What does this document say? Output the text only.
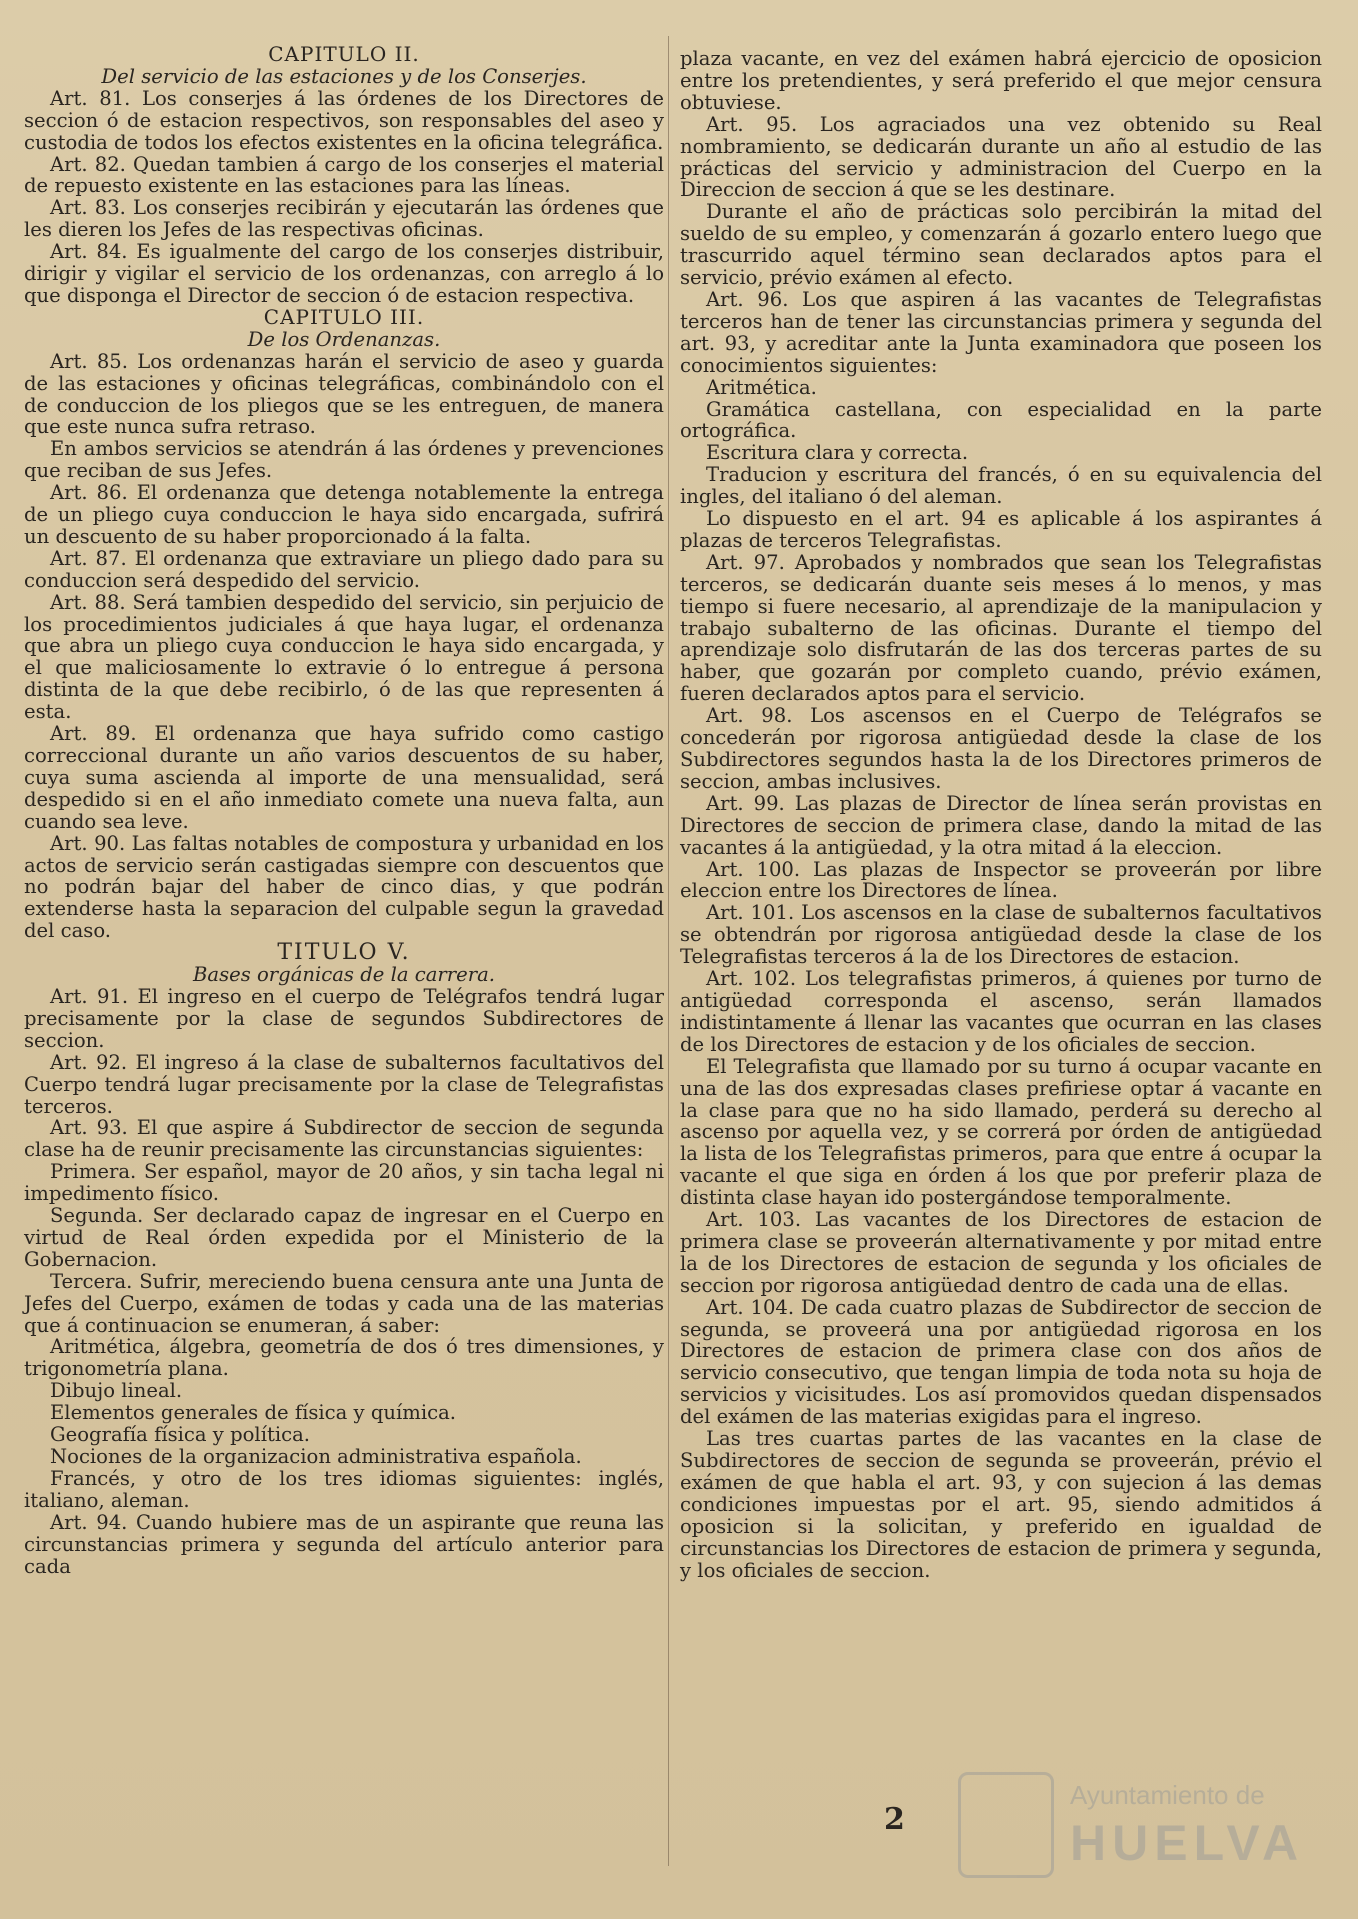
CAPITULO II.

Del servicio de las estaciones y de los Conserjes.

Art. 81. Los conserjes á las órdenes de los Directores de seccion ó de estacion respectivos, son responsables del aseo y custodia de todos los efectos existentes en la oficina telegráfica.

Art. 82. Quedan tambien á cargo de los conserjes el material de repuesto existente en las estaciones para las líneas.

Art. 83. Los conserjes recibirán y ejecutarán las órdenes que les dieren los Jefes de las respectivas oficinas.

Art. 84. Es igualmente del cargo de los conserjes distribuir, dirigir y vigilar el servicio de los ordenanzas, con arreglo á lo que disponga el Director de seccion ó de estacion respectiva.

CAPITULO III.

De los Ordenanzas.

Art. 85. Los ordenanzas harán el servicio de aseo y guarda de las estaciones y oficinas telegráficas, combinándolo con el de conduccion de los pliegos que se les entreguen, de manera que este nunca sufra retraso.

En ambos servicios se atendrán á las órdenes y prevenciones que reciban de sus Jefes.

Art. 86. El ordenanza que detenga notablemente la entrega de un pliego cuya conduccion le haya sido encargada, sufrirá un descuento de su haber proporcionado á la falta.

Art. 87. El ordenanza que extraviare un pliego dado para su conduccion será despedido del servicio.

Art. 88. Será tambien despedido del servicio, sin perjuicio de los procedimientos judiciales á que haya lugar, el ordenanza que abra un pliego cuya conduccion le haya sido encargada, y el que maliciosamente lo extravie ó lo entregue á persona distinta de la que debe recibirlo, ó de las que representen á esta.

Art. 89. El ordenanza que haya sufrido como castigo correccional durante un año varios descuentos de su haber, cuya suma ascienda al importe de una mensualidad, será despedido si en el año inmediato comete una nueva falta, aun cuando sea leve.

Art. 90. Las faltas notables de compostura y urbanidad en los actos de servicio serán castigadas siempre con descuentos que no podrán bajar del haber de cinco dias, y que podrán extenderse hasta la separacion del culpable segun la gravedad del caso.

TITULO V.

Bases orgánicas de la carrera.

Art. 91. El ingreso en el cuerpo de Telégrafos tendrá lugar precisamente por la clase de segundos Subdirectores de seccion.

Art. 92. El ingreso á la clase de subalternos facultativos del Cuerpo tendrá lugar precisamente por la clase de Telegrafistas terceros.

Art. 93. El que aspire á Subdirector de seccion de segunda clase ha de reunir precisamente las circunstancias siguientes:

Primera. Ser español, mayor de 20 años, y sin tacha legal ni impedimento físico.

Segunda. Ser declarado capaz de ingresar en el Cuerpo en virtud de Real órden expedida por el Ministerio de la Gobernacion.

Tercera. Sufrir, mereciendo buena censura ante una Junta de Jefes del Cuerpo, exámen de todas y cada una de las materias que á continuacion se enumeran, á saber:

Aritmética, álgebra, geometría de dos ó tres dimensiones, y trigonometría plana.

Dibujo lineal.

Elementos generales de física y química.

Geografía física y política.

Nociones de la organizacion administrativa española.

Francés, y otro de los tres idiomas siguientes: inglés, italiano, aleman.

Art. 94. Cuando hubiere mas de un aspirante que reuna las circunstancias primera y segunda del artículo anterior para cada

plaza vacante, en vez del exámen habrá ejercicio de oposicion entre los pretendientes, y será preferido el que mejor censura obtuviese.

Art. 95. Los agraciados una vez obtenido su Real nombramiento, se dedicarán durante un año al estudio de las prácticas del servicio y administracion del Cuerpo en la Direccion de seccion á que se les destinare.

Durante el año de prácticas solo percibirán la mitad del sueldo de su empleo, y comenzarán á gozarlo entero luego que trascurrido aquel término sean declarados aptos para el servicio, prévio exámen al efecto.

Art. 96. Los que aspiren á las vacantes de Telegrafistas terceros han de tener las circunstancias primera y segunda del art. 93, y acreditar ante la Junta examinadora que poseen los conocimientos siguientes:

Aritmética.

Gramática castellana, con especialidad en la parte ortográfica.

Escritura clara y correcta.

Traducion y escritura del francés, ó en su equivalencia del ingles, del italiano ó del aleman.

Lo dispuesto en el art. 94 es aplicable á los aspirantes á plazas de terceros Telegrafistas.

Art. 97. Aprobados y nombrados que sean los Telegrafistas terceros, se dedicarán duante seis meses á lo menos, y mas tiempo si fuere necesario, al aprendizaje de la manipulacion y trabajo subalterno de las oficinas. Durante el tiempo del aprendizaje solo disfrutarán de las dos terceras partes de su haber, que gozarán por completo cuando, prévio exámen, fueren declarados aptos para el servicio.

Art. 98. Los ascensos en el Cuerpo de Telégrafos se concederán por rigorosa antigüedad desde la clase de los Subdirectores segundos hasta la de los Directores primeros de seccion, ambas inclusives.

Art. 99. Las plazas de Director de línea serán provistas en Directores de seccion de primera clase, dando la mitad de las vacantes á la antigüedad, y la otra mitad á la eleccion.

Art. 100. Las plazas de Inspector se proveerán por libre eleccion entre los Directores de línea.

Art. 101. Los ascensos en la clase de subalternos facultativos se obtendrán por rigorosa antigüedad desde la clase de los Telegrafistas terceros á la de los Directores de estacion.

Art. 102. Los telegrafistas primeros, á quienes por turno de antigüedad corresponda el ascenso, serán llamados indistintamente á llenar las vacantes que ocurran en las clases de los Directores de estacion y de los oficiales de seccion.

El Telegrafista que llamado por su turno á ocupar vacante en una de las dos expresadas clases prefiriese optar á vacante en la clase para que no ha sido llamado, perderá su derecho al ascenso por aquella vez, y se correrá por órden de antigüedad la lista de los Telegrafistas primeros, para que entre á ocupar la vacante el que siga en órden á los que por preferir plaza de distinta clase hayan ido postergándose temporalmente.

Art. 103. Las vacantes de los Directores de estacion de primera clase se proveerán alternativamente y por mitad entre la de los Directores de estacion de segunda y los oficiales de seccion por rigorosa antigüedad dentro de cada una de ellas.

Art. 104. De cada cuatro plazas de Subdirector de seccion de segunda, se proveerá una por antigüedad rigorosa en los Directores de estacion de primera clase con dos años de servicio consecutivo, que tengan limpia de toda nota su hoja de servicios y vicisitudes. Los así promovidos quedan dispensados del exámen de las materias exigidas para el ingreso.

Las tres cuartas partes de las vacantes en la clase de Subdirectores de seccion de segunda se proveerán, prévio el exámen de que habla el art. 93, y con sujecion á las demas condiciones impuestas por el art. 95, siendo admitidos á oposicion si la solicitan, y preferido en igualdad de circunstancias los Directores de estacion de primera y segunda, y los oficiales de seccion.

2
Ayuntamiento de
HUELVA
